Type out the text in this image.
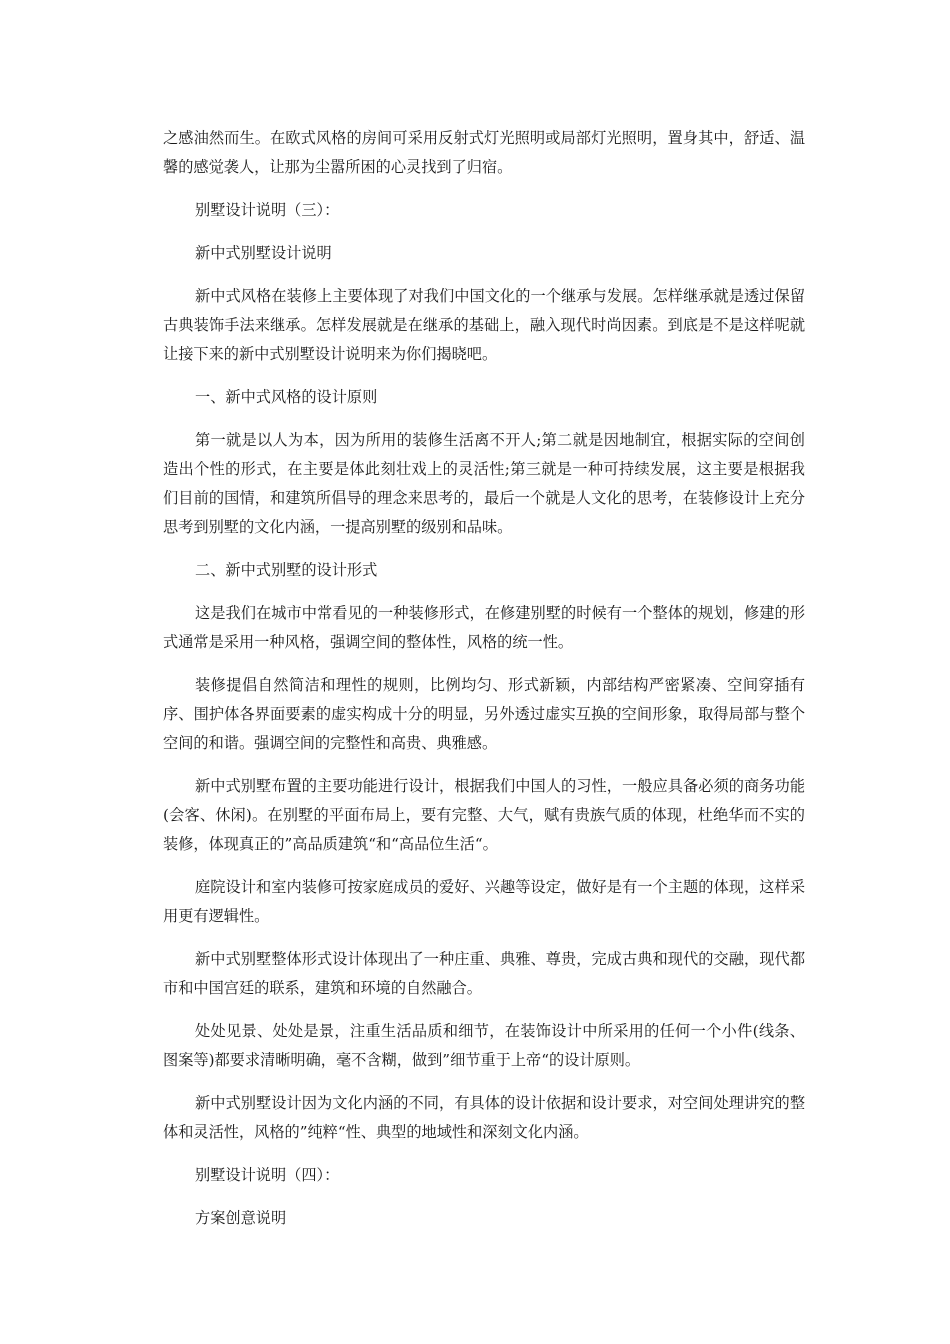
之感油然而生。在欧式风格的房间可采用反射式灯光照明或局部灯光照明，置身其中，舒适、温馨的感觉袭人，让那为尘嚣所困的心灵找到了归宿。

别墅设计说明（三）：

新中式别墅设计说明

新中式风格在装修上主要体现了对我们中国文化的一个继承与发展。怎样继承就是透过保留古典装饰手法来继承。怎样发展就是在继承的基础上，融入现代时尚因素。到底是不是这样呢就让接下来的新中式别墅设计说明来为你们揭晓吧。

一、新中式风格的设计原则

第一就是以人为本，因为所用的装修生活离不开人;第二就是因地制宜，根据实际的空间创造出个性的形式，在主要是体此刻壮戏上的灵活性;第三就是一种可持续发展，这主要是根据我们目前的国情，和建筑所倡导的理念来思考的，最后一个就是人文化的思考，在装修设计上充分思考到别墅的文化内涵，一提高别墅的级别和品味。

二、新中式别墅的设计形式

这是我们在城市中常看见的一种装修形式，在修建别墅的时候有一个整体的规划，修建的形式通常是采用一种风格，强调空间的整体性，风格的统一性。

装修提倡自然简洁和理性的规则，比例均匀、形式新颖，内部结构严密紧凑、空间穿插有序、围护体各界面要素的虚实构成十分的明显，另外透过虚实互换的空间形象，取得局部与整个空间的和谐。强调空间的完整性和高贵、典雅感。

新中式别墅布置的主要功能进行设计，根据我们中国人的习性，一般应具备必须的商务功能(会客、休闲)。在别墅的平面布局上，要有完整、大气，赋有贵族气质的体现，杜绝华而不实的装修，体现真正的”高品质建筑“和“高品位生活“。

庭院设计和室内装修可按家庭成员的爱好、兴趣等设定，做好是有一个主题的体现，这样采用更有逻辑性。

新中式别墅整体形式设计体现出了一种庄重、典雅、尊贵，完成古典和现代的交融，现代都市和中国宫廷的联系，建筑和环境的自然融合。

处处见景、处处是景，注重生活品质和细节，在装饰设计中所采用的任何一个小件(线条、图案等)都要求清晰明确，毫不含糊，做到”细节重于上帝“的设计原则。

新中式别墅设计因为文化内涵的不同，有具体的设计依据和设计要求，对空间处理讲究的整体和灵活性，风格的”纯粹“性、典型的地域性和深刻文化内涵。

别墅设计说明（四）：

方案创意说明
